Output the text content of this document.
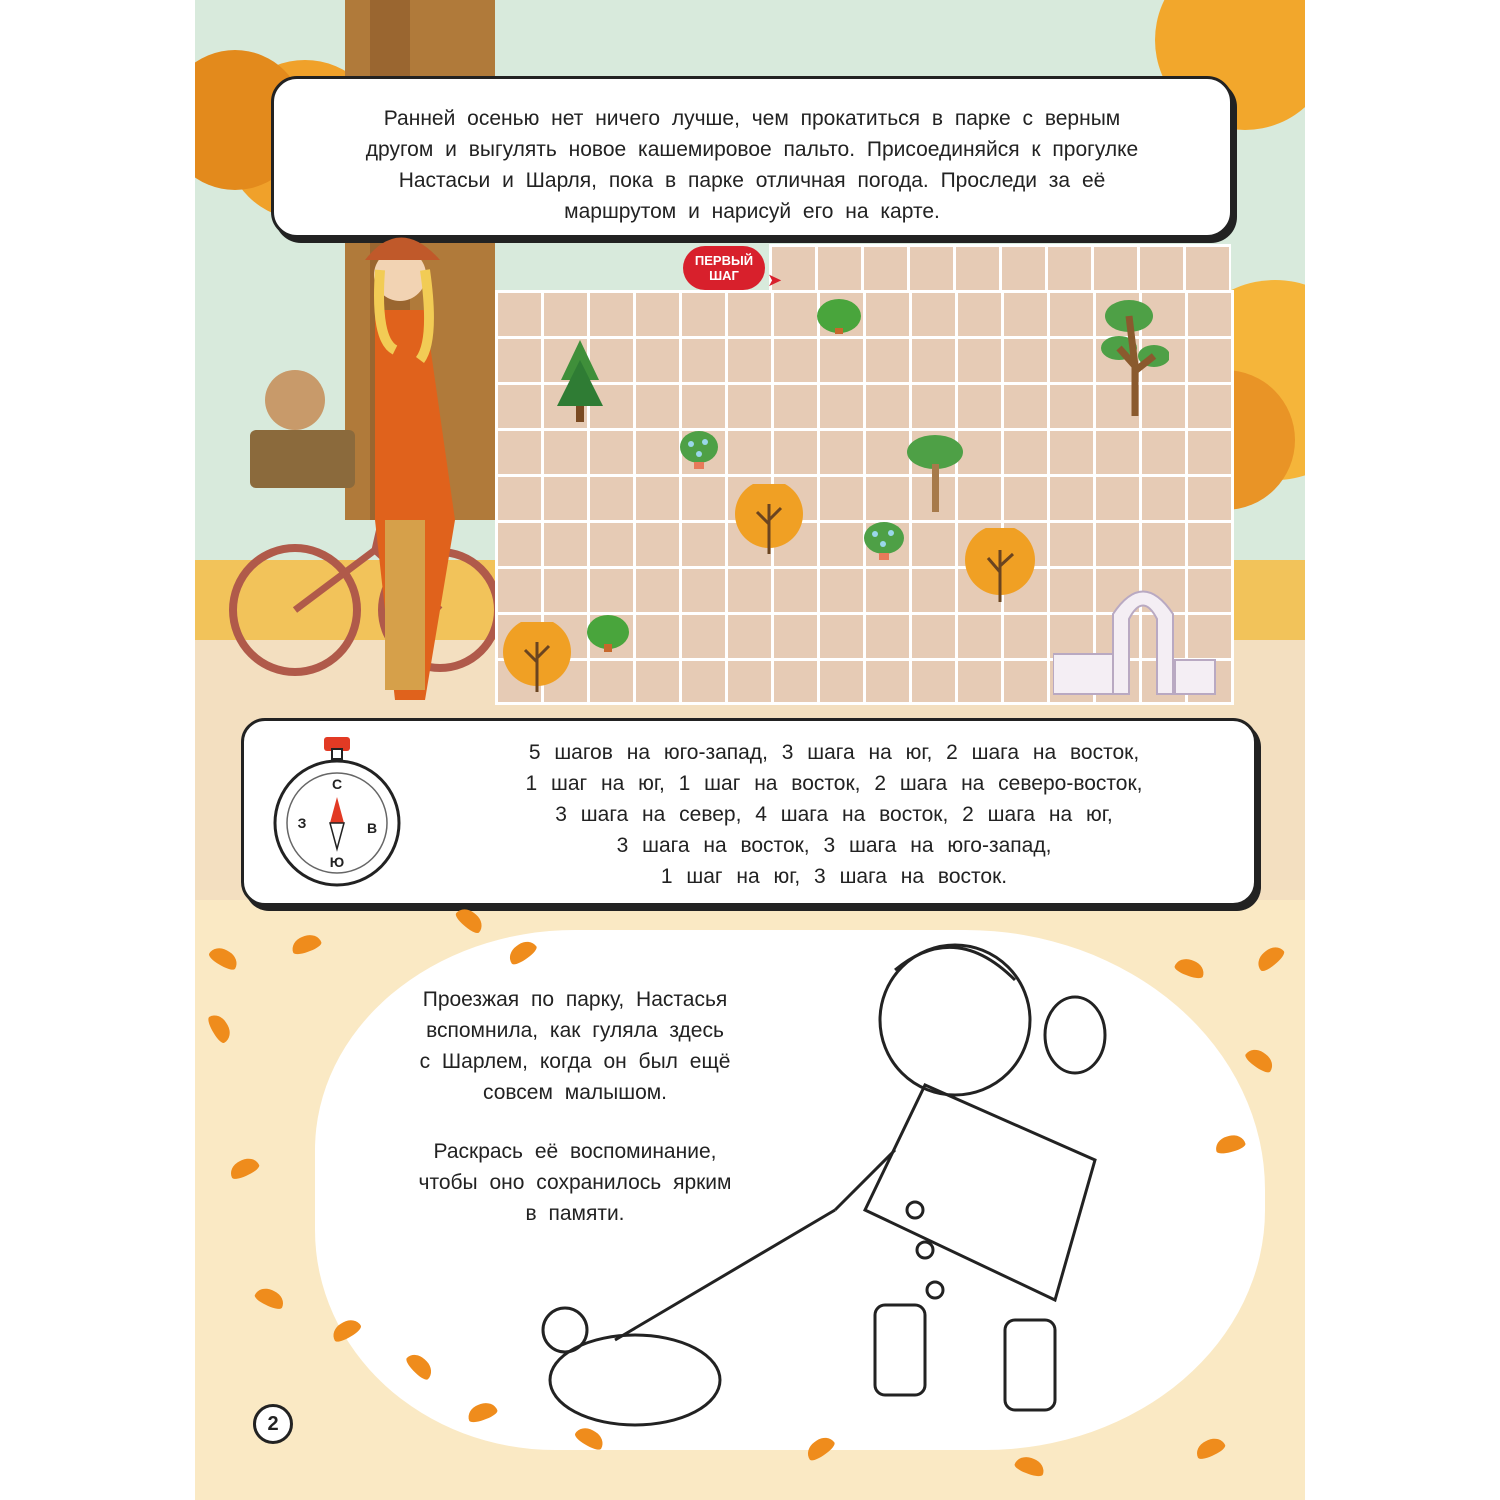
Ранней осенью нет ничего лучше, чем прокатиться в парке с верным
другом и выгулять новое кашемировое пальто. Присоединяйся к прогулке
Настасьи и Шарля, пока в парке отличная погода. Проследи за её
маршрутом и нарисуй его на карте.
ПЕРВЫЙ
ШАГ	➤
С
Ю
З	В
5 шагов на юго-запад, 3 шага на юг, 2 шага на восток,
1 шаг на юг, 1 шаг на восток, 2 шага на северо-восток,
3 шага на север, 4 шага на восток, 2 шага на юг,
3 шага на восток, 3 шага на юго-запад,
1 шаг на юг, 3 шага на восток.
Проезжая по парку, Настасья
вспомнила, как гуляла здесь
с Шарлем, когда он был ещё
совсем малышом.
Раскрась её воспоминание,
чтобы оно сохранилось ярким
в памяти.
2
